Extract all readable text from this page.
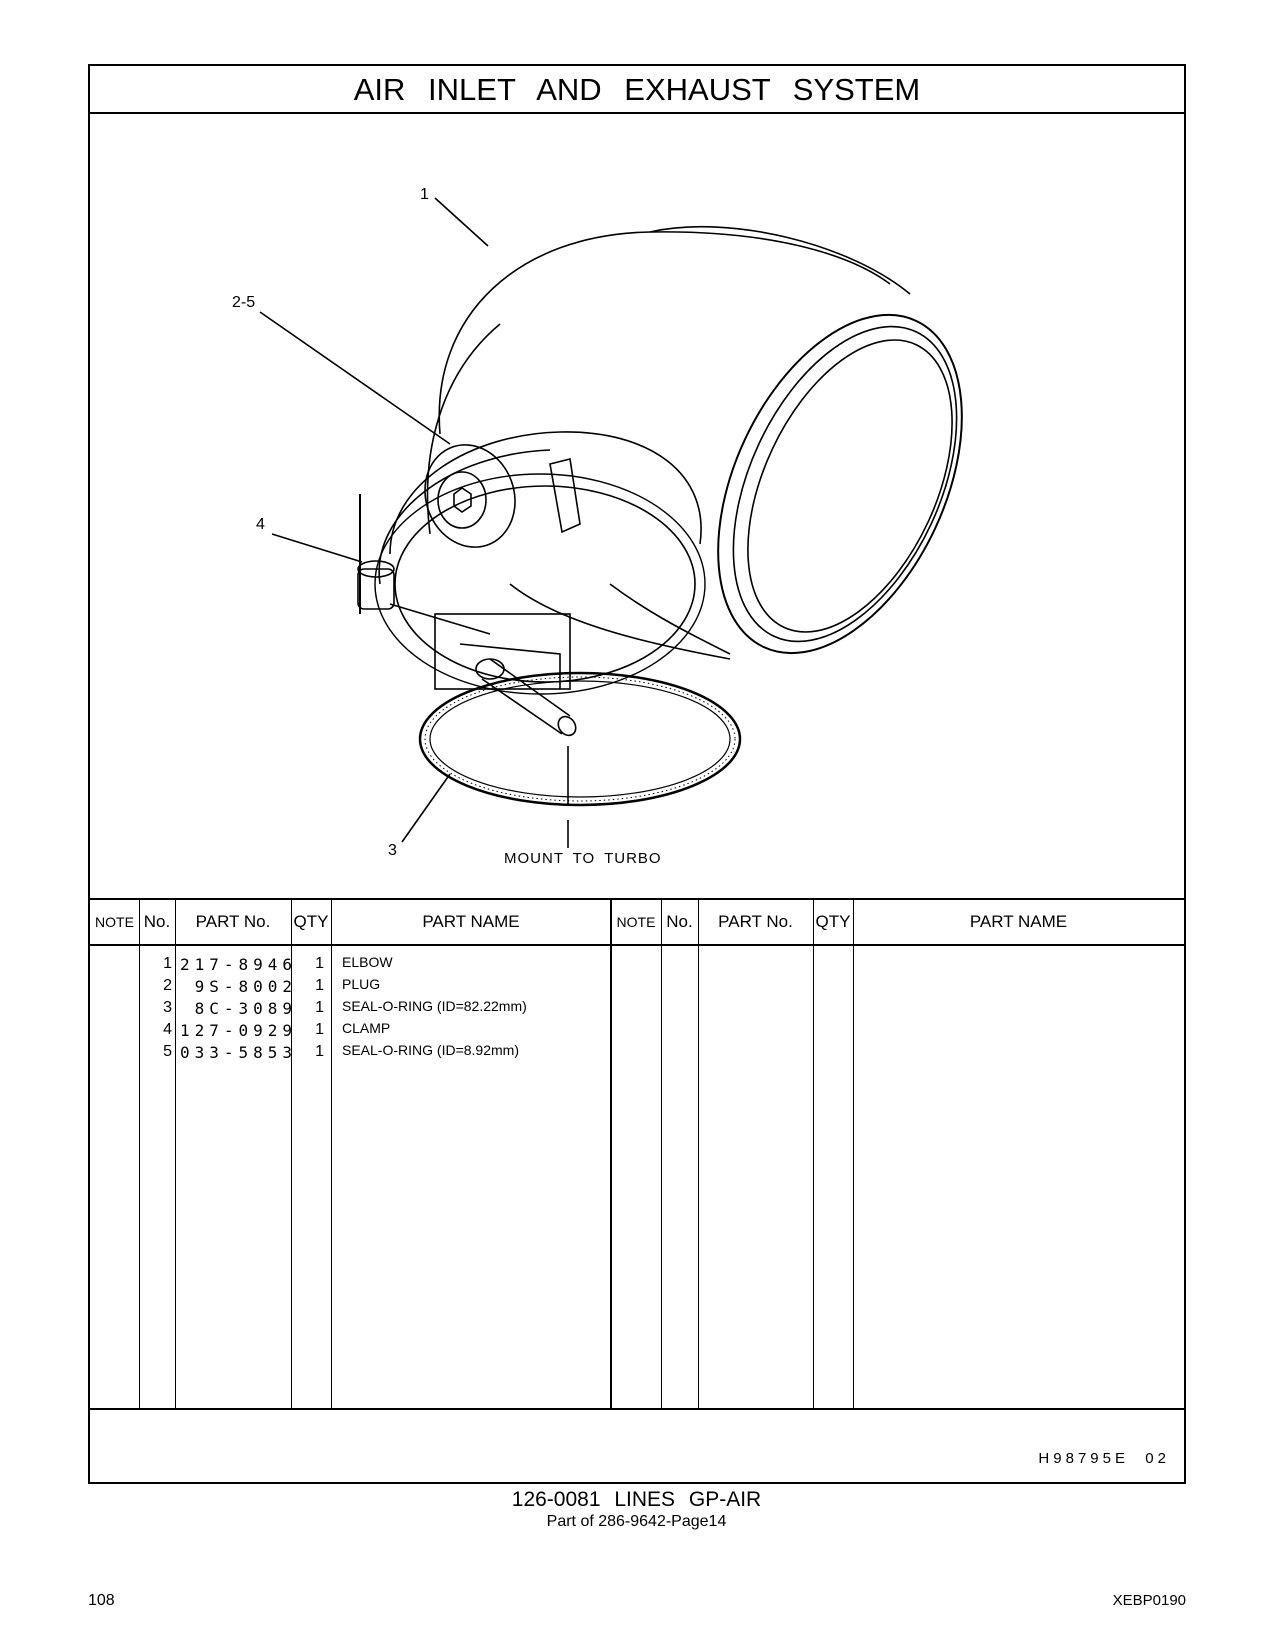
AIR INLET AND EXHAUST SYSTEM
1
2-5
4
3	MOUNT TO TURBO
NOTE No.	PART No.	QTY	PART NAME	NOTE No.	PART No.	QTY	PART NAME
1 217-8946	1 ELBOW
2 9S-8002	1 PLUG
3 8C-3089	1 SEAL-O-RING (ID=82.22mm)
4 127-0929	1 CLAMP
5 033-5853	1 SEAL-O-RING (ID=8.92mm)
H98795E  02
126-0081 LINES GP-AIR
Part of 286-9642-Page14
108	XEBP0190
